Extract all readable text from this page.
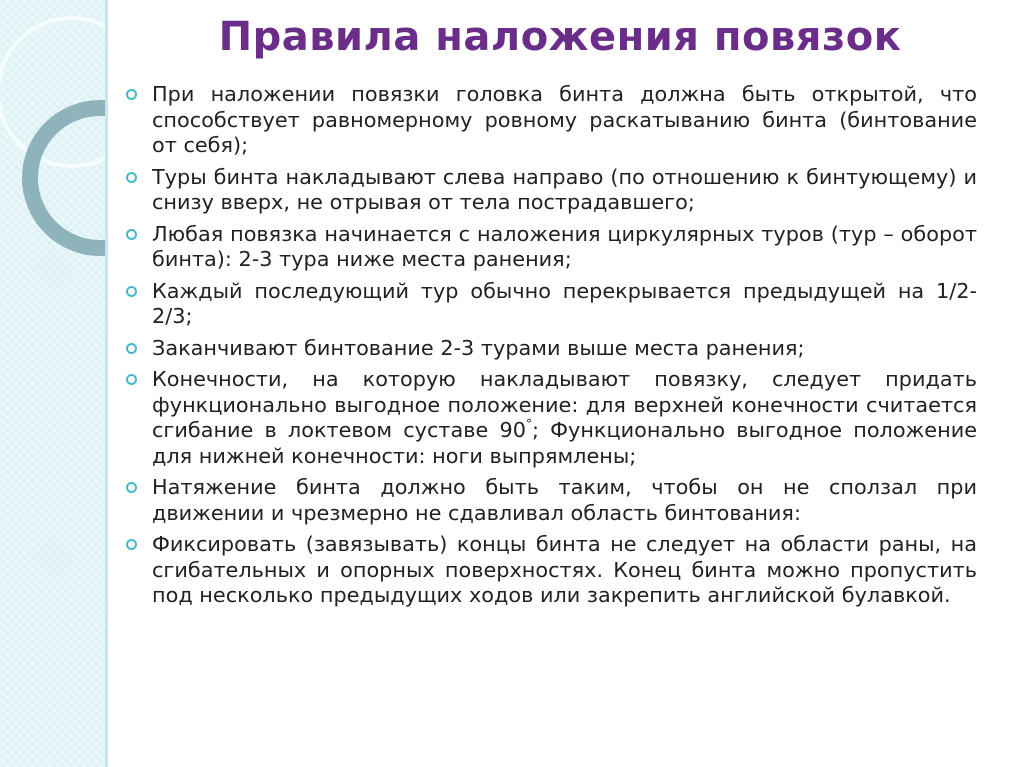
Правила наложения повязок
При наложении повязки головка бинта должна быть открытой, что способствует равномерному ровному раскатыванию бинта (бинтование от себя);
Туры бинта накладывают слева направо (по отношению к бинтующему) и снизу вверх, не отрывая от тела пострадавшего;
Любая повязка начинается с наложения циркулярных туров (тур – оборот бинта): 2-3 тура ниже места ранения;
Каждый последующий тур обычно перекрывается предыдущей на 1/2-2/3;
Заканчивают бинтование 2-3 турами выше места ранения;
Конечности, на которую накладывают повязку, следует придать функционально выгодное положение: для верхней конечности считается сгибание в локтевом суставе 90°; Функционально выгодное положение для нижней конечности: ноги выпрямлены;
Натяжение бинта должно быть таким, чтобы он не сползал при движении и чрезмерно не сдавливал область бинтования:
Фиксировать (завязывать) концы бинта не следует на области раны, на сгибательных и опорных поверхностях. Конец бинта можно пропустить под несколько предыдущих ходов или закрепить английской булавкой.
